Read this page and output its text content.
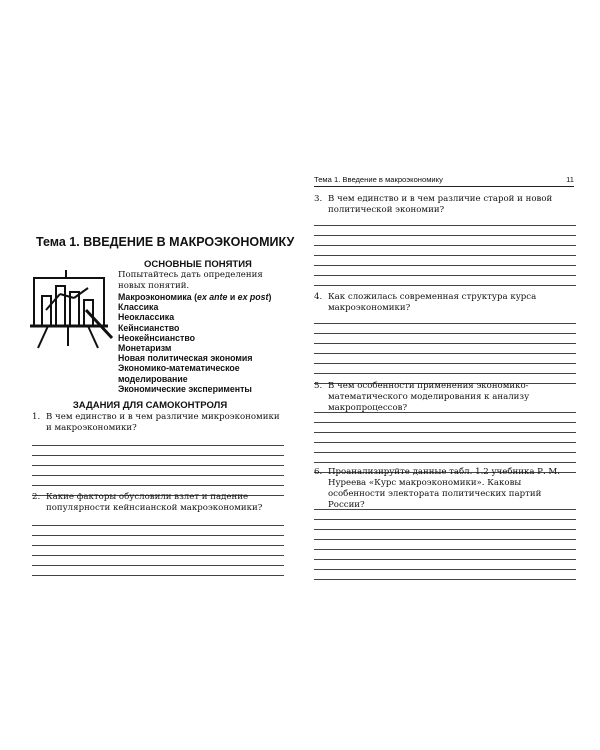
Тема 1. ВВЕДЕНИЕ В МАКРОЭКОНОМИКУ
ОСНОВНЫЕ ПОНЯТИЯ
Попытайтесь дать определения новых понятий.
Макроэкономика (ex ante и ex post)
Классика
Неоклассика
Кейнсианство
Неокейнсианство
Монетаризм
Новая политическая экономия
Экономико-математическое
моделирование
Экономические эксперименты
ЗАДАНИЯ ДЛЯ САМОКОНТРОЛЯ
1. В чем единство и в чем различие микроэкономики и макроэкономики?
2. Какие факторы обусловили взлет и падение популярности кейнсианской макроэкономики?
Тема 1. Введение в макроэкономику	11
3. В чем единство и в чем различие старой и новой политической экономии?
4. Как сложилась современная структура курса макроэкономики?
5. В чем особенности применения экономико-математического моделирования к анализу макропроцессов?
6. Проанализируйте данные табл. 1.2 учебника Р. М. Нуреева «Курс макроэкономики». Каковы особенности электората политических партий России?
